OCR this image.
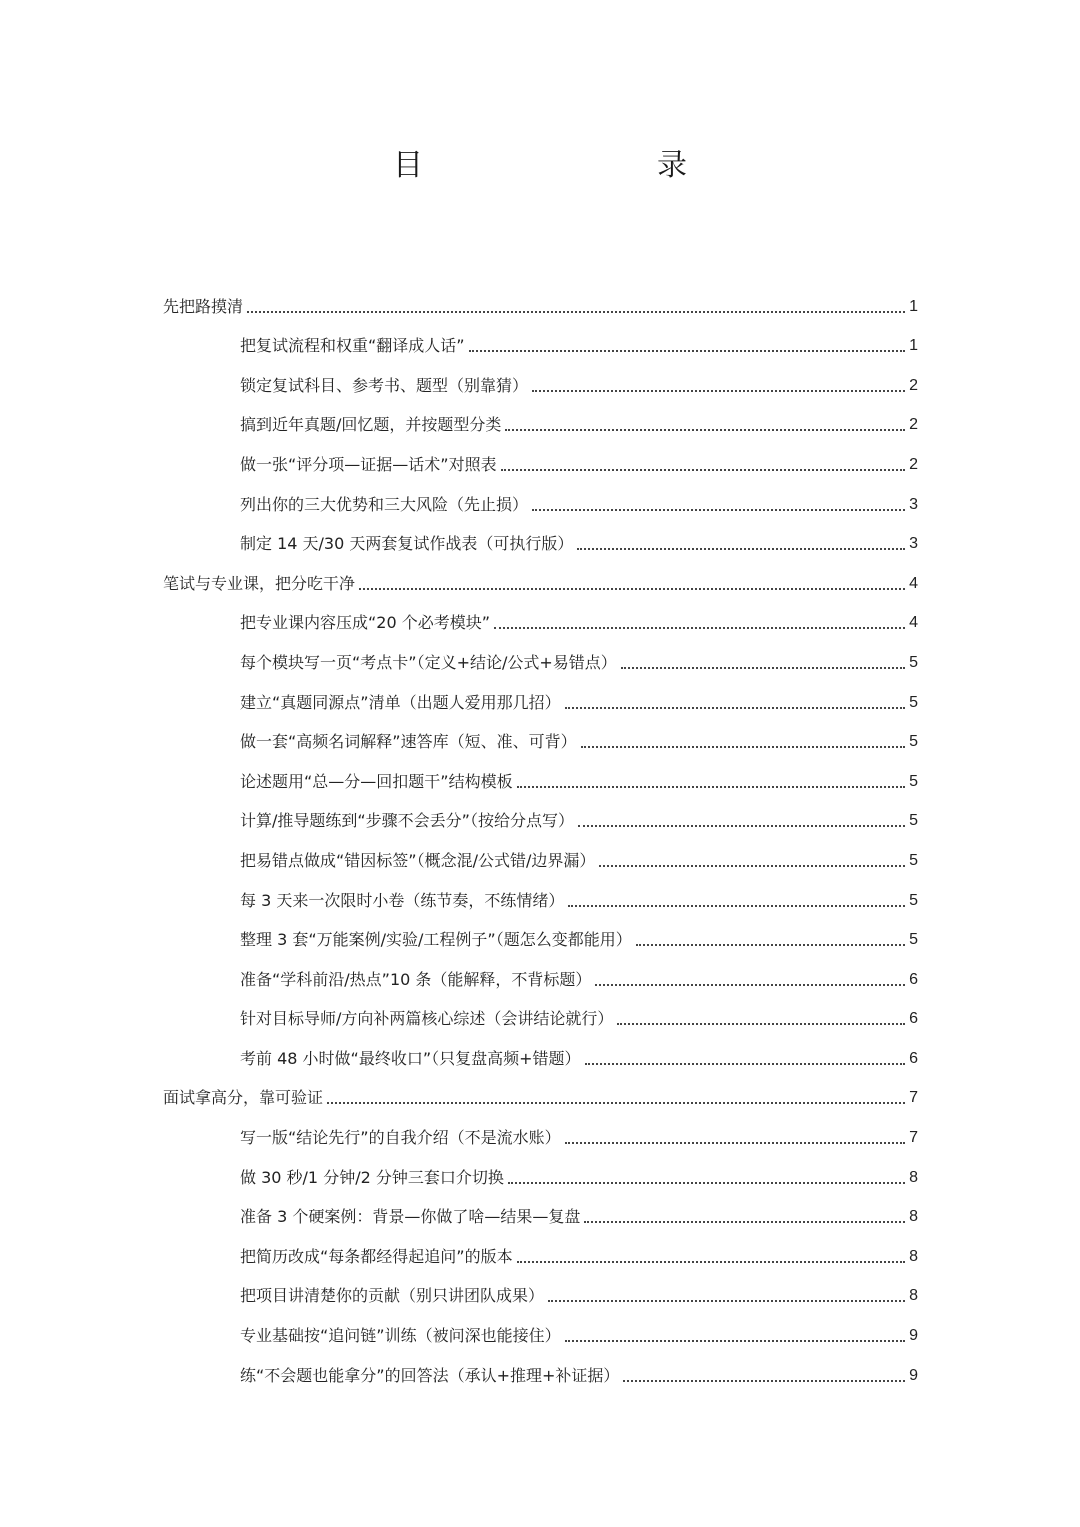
目　　录
先把路摸清	1
把复试流程和权重“翻译成人话”	1
锁定复试科目、参考书、题型（别靠猜）	2
搞到近年真题/回忆题，并按题型分类	2
做一张“评分项—证据—话术”对照表	2
列出你的三大优势和三大风险（先止损）	3
制定 14 天/30 天两套复试作战表（可执行版）	3
笔试与专业课，把分吃干净	4
把专业课内容压成“20 个必考模块”	4
每个模块写一页“考点卡”（定义+结论/公式+易错点）	5
建立“真题同源点”清单（出题人爱用那几招）	5
做一套“高频名词解释”速答库（短、准、可背）	5
论述题用“总—分—回扣题干”结构模板	5
计算/推导题练到“步骤不会丢分”（按给分点写）	5
把易错点做成“错因标签”（概念混/公式错/边界漏）	5
每 3 天来一次限时小卷（练节奏，不练情绪）	5
整理 3 套“万能案例/实验/工程例子”（题怎么变都能用）	5
准备“学科前沿/热点”10 条（能解释，不背标题）	6
针对目标导师/方向补两篇核心综述（会讲结论就行）	6
考前 48 小时做“最终收口”（只复盘高频+错题）	6
面试拿高分，靠可验证	7
写一版“结论先行”的自我介绍（不是流水账）	7
做 30 秒/1 分钟/2 分钟三套口介切换	8
准备 3 个硬案例：背景—你做了啥—结果—复盘	8
把简历改成“每条都经得起追问”的版本	8
把项目讲清楚你的贡献（别只讲团队成果）	8
专业基础按“追问链”训练（被问深也能接住）	9
练“不会题也能拿分”的回答法（承认+推理+补证据）	9
